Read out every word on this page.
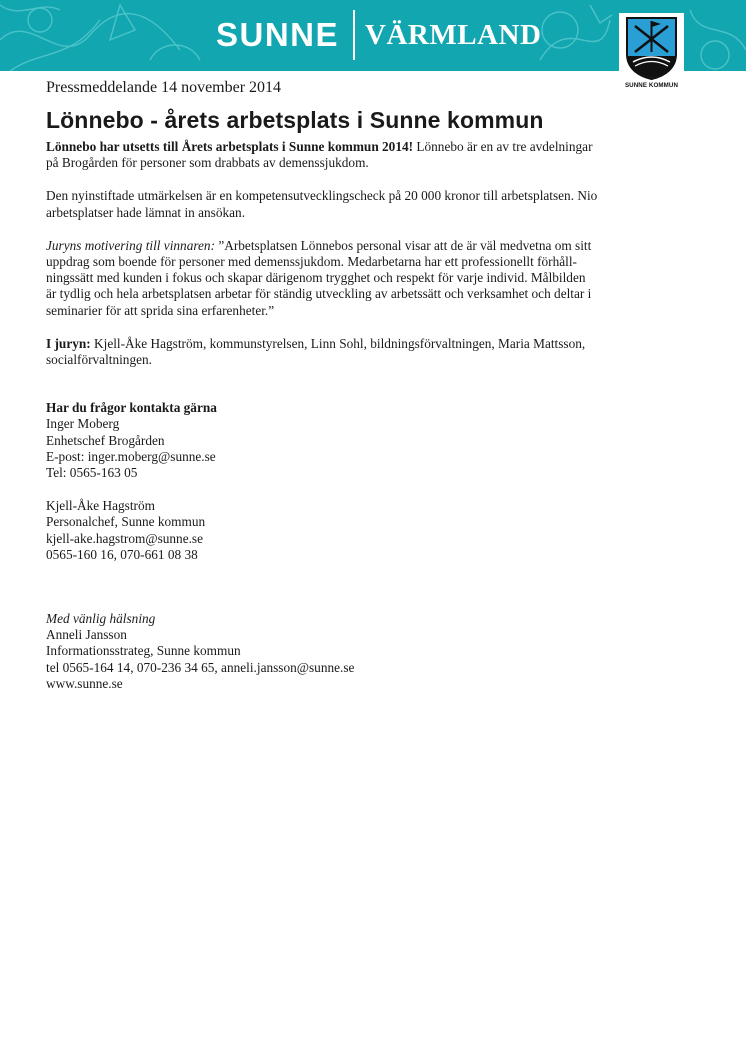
SUNNE VÄRMLAND
SUNNE KOMMUN
Pressmeddelande 14 november 2014
Lönnebo - årets arbetsplats i Sunne kommun

Lönnebo har utsetts till Årets arbetsplats i Sunne kommun 2014! Lönnebo är en av tre avdelningar
på Brogården för personer som drabbats av demenssjukdom.

Den nyinstiftade utmärkelsen är en kompetensutvecklingscheck på 20 000 kronor till arbetsplatsen. Nio
arbetsplatser hade lämnat in ansökan.

Juryns motivering till vinnaren: ”Arbetsplatsen Lönnebos personal visar att de är väl medvetna om sitt
uppdrag som boende för personer med demenssjukdom. Medarbetarna har ett professionellt förhåll-
ningssätt med kunden i fokus och skapar därigenom trygghet och respekt för varje individ. Målbilden
är tydlig och hela arbetsplatsen arbetar för ständig utveckling av arbetssätt och verksamhet och deltar i
seminarier för att sprida sina erfarenheter.”

I juryn: Kjell-Åke Hagström, kommunstyrelsen, Linn Sohl, bildningsförvaltningen, Maria Mattsson,
socialförvaltningen.

Har du frågor kontakta gärna
Inger Moberg
Enhetschef Brogården
E-post: inger.moberg@sunne.se
Tel: 0565-163 05

Kjell-Åke Hagström
Personalchef, Sunne kommun
kjell-ake.hagstrom@sunne.se
0565-160 16, 070-661 08 38

Med vänlig hälsning
Anneli Jansson
Informationsstrateg, Sunne kommun
tel 0565-164 14, 070-236 34 65, anneli.jansson@sunne.se
www.sunne.se
